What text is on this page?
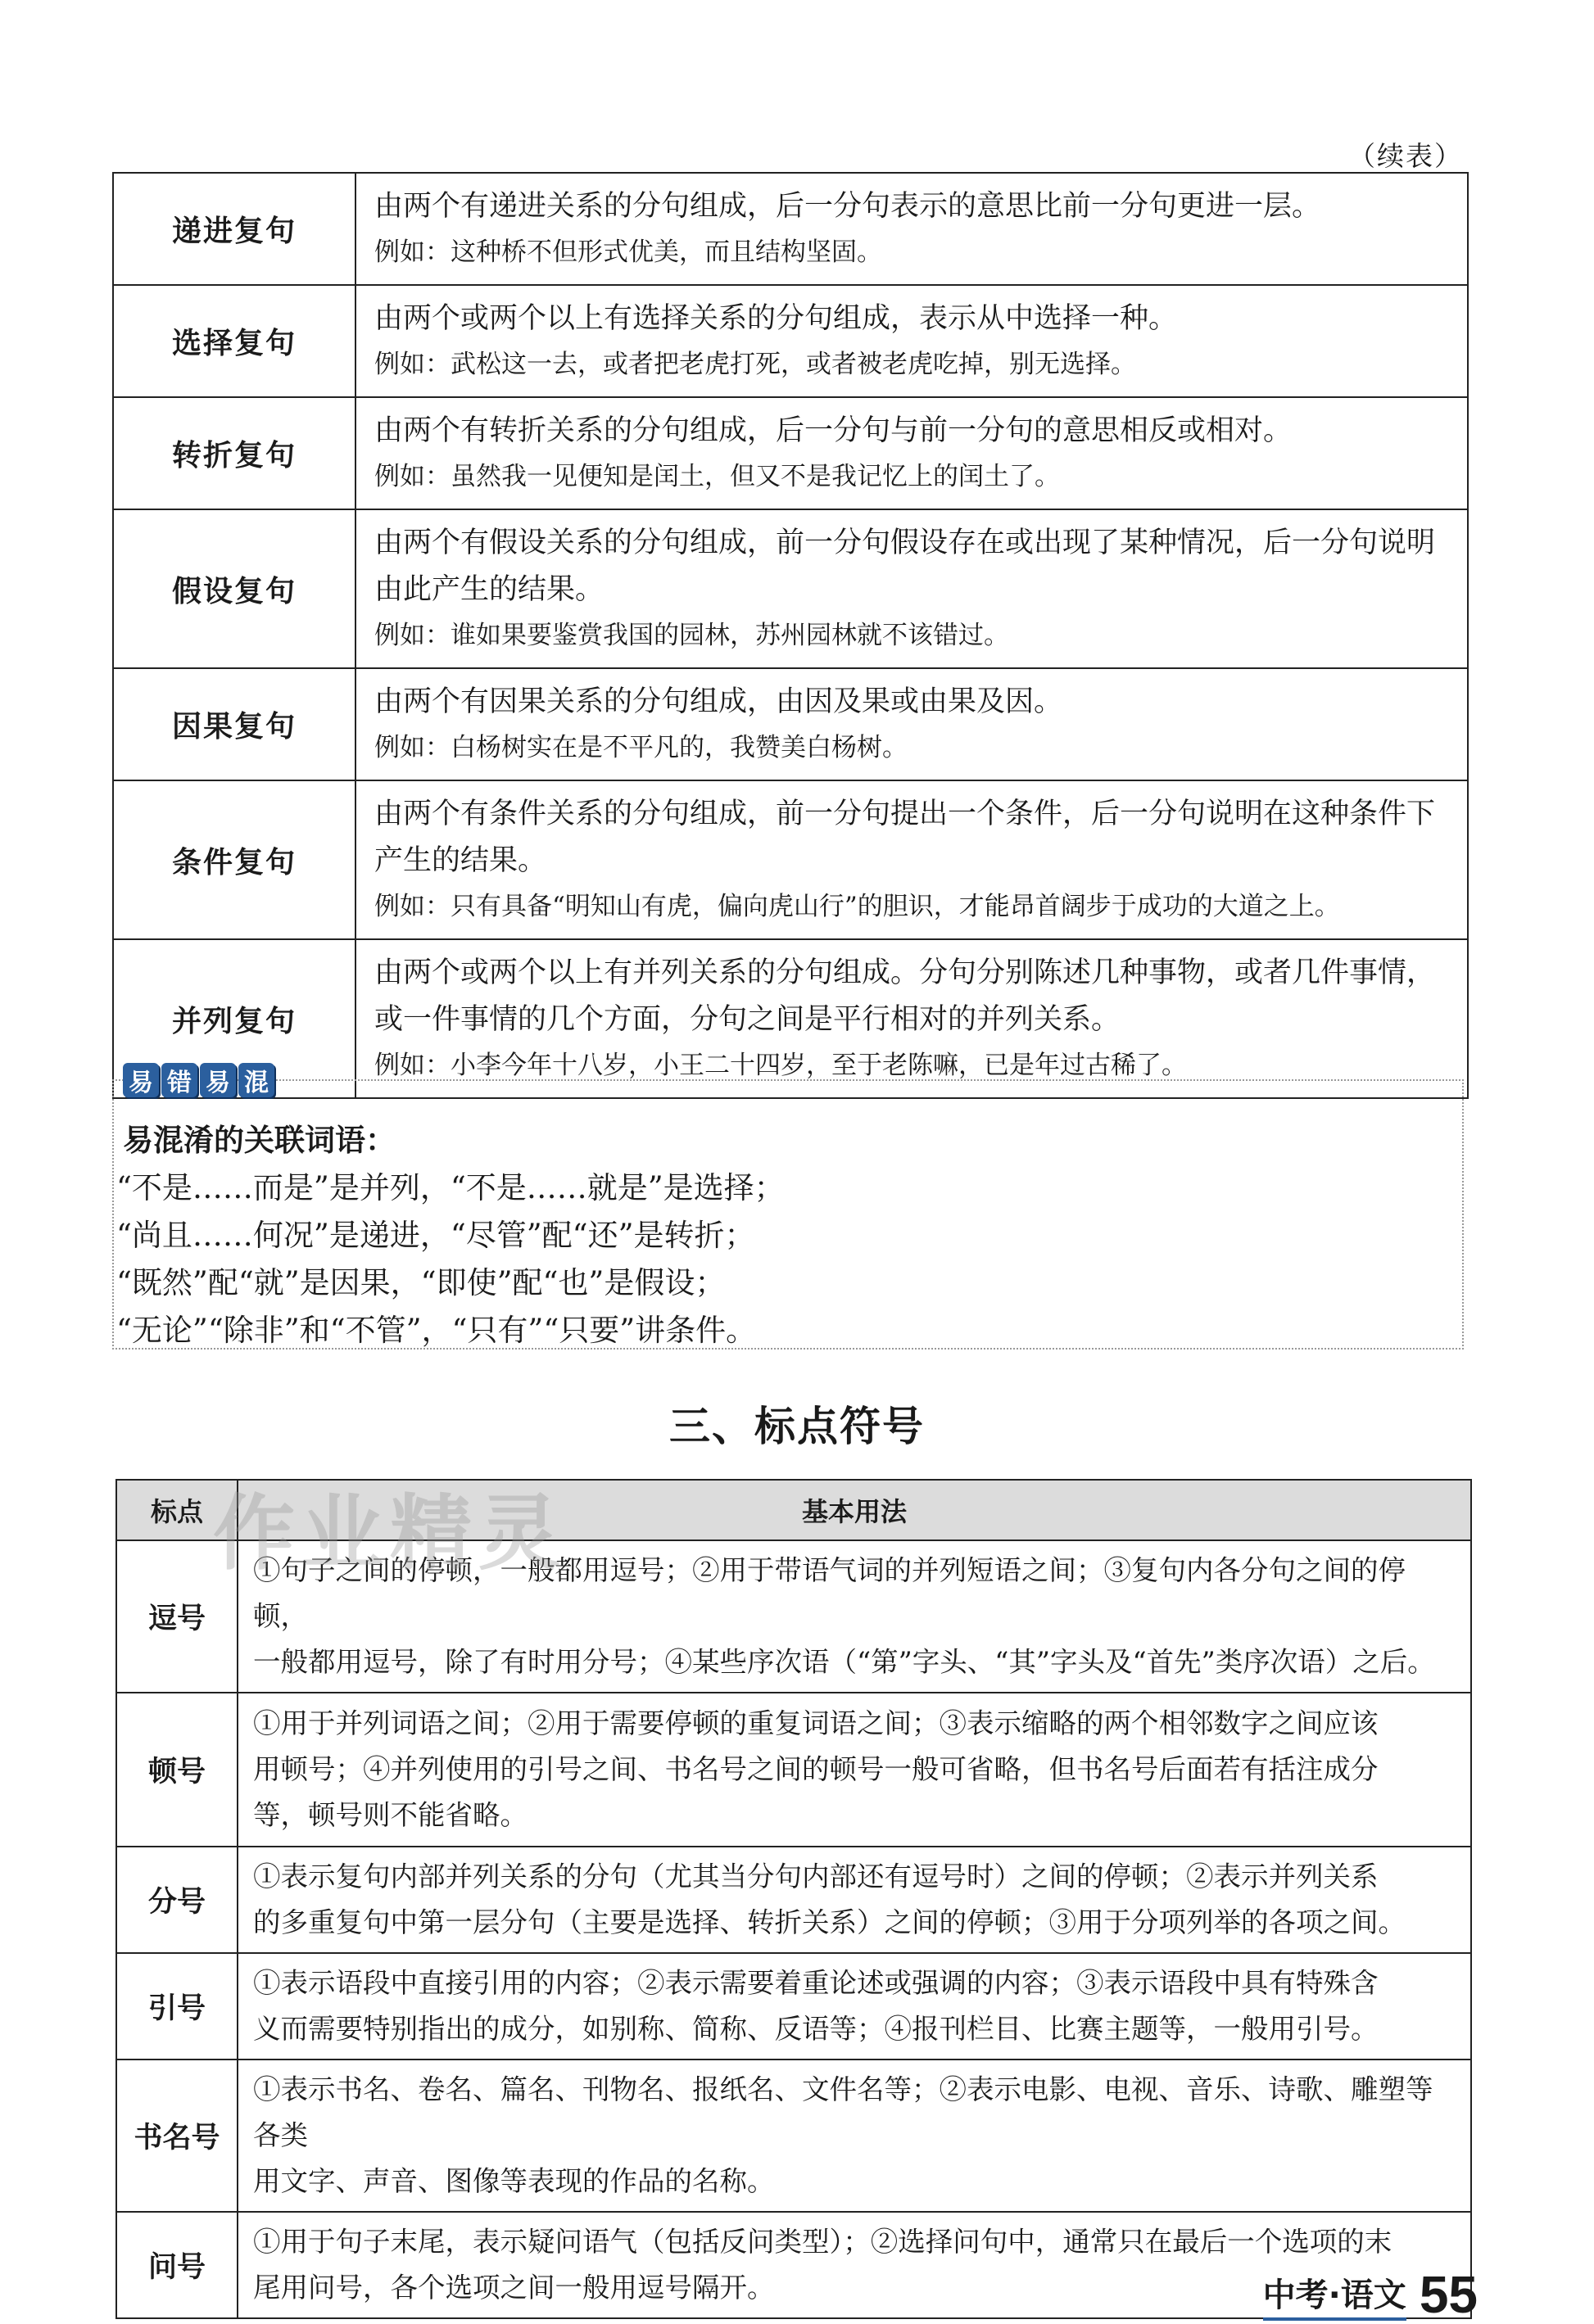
（续表）
递进复句	由两个有递进关系的分句组成，后一分句表示的意思比前一分句更进一层。
例如：这种桥不但形式优美，而且结构坚固。

选择复句	由两个或两个以上有选择关系的分句组成，表示从中选择一种。
例如：武松这一去，或者把老虎打死，或者被老虎吃掉，别无选择。

转折复句	由两个有转折关系的分句组成，后一分句与前一分句的意思相反或相对。
例如：虽然我一见便知是闰土，但又不是我记忆上的闰土了。

假设复句	由两个有假设关系的分句组成，前一分句假设存在或出现了某种情况，后一分句说明
由此产生的结果。
例如：谁如果要鉴赏我国的园林，苏州园林就不该错过。

因果复句	由两个有因果关系的分句组成，由因及果或由果及因。
例如：白杨树实在是不平凡的，我赞美白杨树。

条件复句	由两个有条件关系的分句组成，前一分句提出一个条件，后一分句说明在这种条件下
产生的结果。
例如：只有具备“明知山有虎，偏向虎山行”的胆识，才能昂首阔步于成功的大道之上。

并列复句	由两个或两个以上有并列关系的分句组成。分句分别陈述几种事物，或者几件事情，
或一件事情的几个方面，分句之间是平行相对的并列关系。
例如：小李今年十八岁，小王二十四岁，至于老陈嘛，已是年过古稀了。
易 错 易 混
易混淆的关联词语：
“不是……而是”是并列，“不是……就是”是选择；
“尚且……何况”是递进，“尽管”配“还”是转折；
“既然”配“就”是因果，“即使”配“也”是假设；
“无论”“除非”和“不管”，“只有”“只要”讲条件。
三、标点符号
标点	基本用法
逗号	①句子之间的停顿，一般都用逗号；②用于带语气词的并列短语之间；③复句内各分句之间的停顿，
一般都用逗号，除了有时用分号；④某些序次语（“第”字头、“其”字头及“首先”类序次语）之后。

顿号	①用于并列词语之间；②用于需要停顿的重复词语之间；③表示缩略的两个相邻数字之间应该
用顿号；④并列使用的引号之间、书名号之间的顿号一般可省略，但书名号后面若有括注成分
等，顿号则不能省略。

分号	①表示复句内部并列关系的分句（尤其当分句内部还有逗号时）之间的停顿；②表示并列关系
的多重复句中第一层分句（主要是选择、转折关系）之间的停顿；③用于分项列举的各项之间。

引号	①表示语段中直接引用的内容；②表示需要着重论述或强调的内容；③表示语段中具有特殊含
义而需要特别指出的成分，如别称、简称、反语等；④报刊栏目、比赛主题等，一般用引号。

书名号	①表示书名、卷名、篇名、刊物名、报纸名、文件名等；②表示电影、电视、音乐、诗歌、雕塑等各类
用文字、声音、图像等表现的作品的名称。

问号	①用于句子末尾，表示疑问语气（包括反问类型）；②选择问句中，通常只在最后一个选项的末
尾用问号，各个选项之间一般用逗号隔开。
作业精灵
中考·语文 55
